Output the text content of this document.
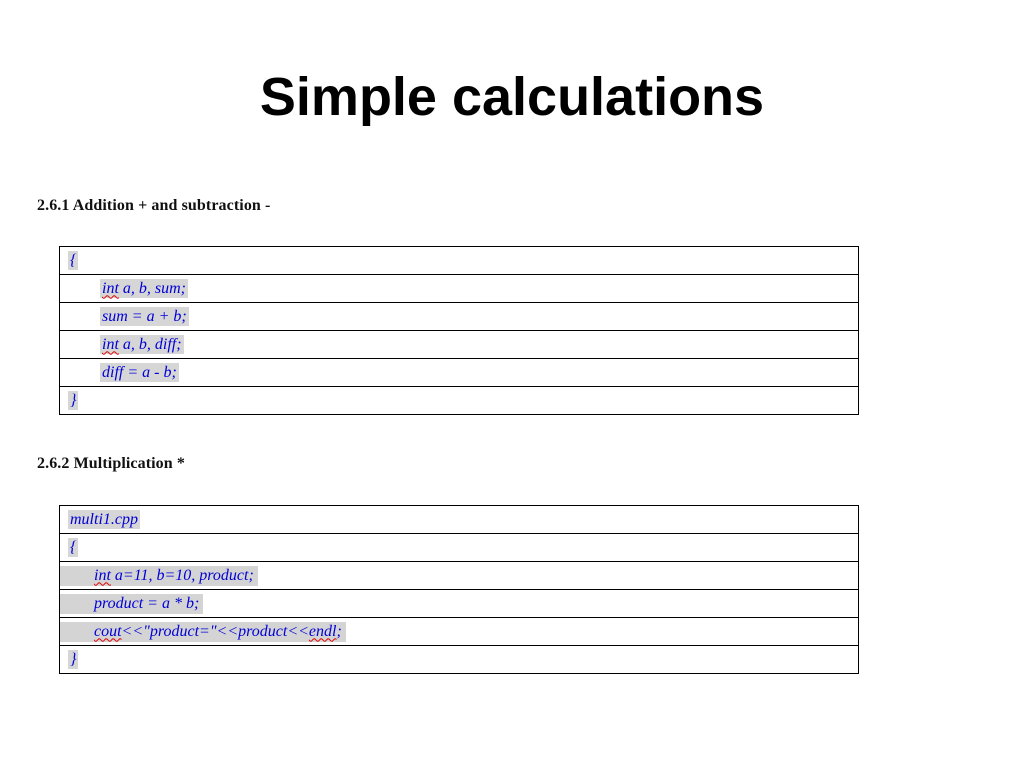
Simple calculations
2.6.1 Addition + and subtraction -
{
int a, b, sum;
sum = a + b;
int a, b, diff;
diff = a - b;
}
2.6.2 Multiplication *
multi1.cpp
{
int a=11, b=10, product;
product = a * b;
cout<<"product="<<product<<endl;
}
